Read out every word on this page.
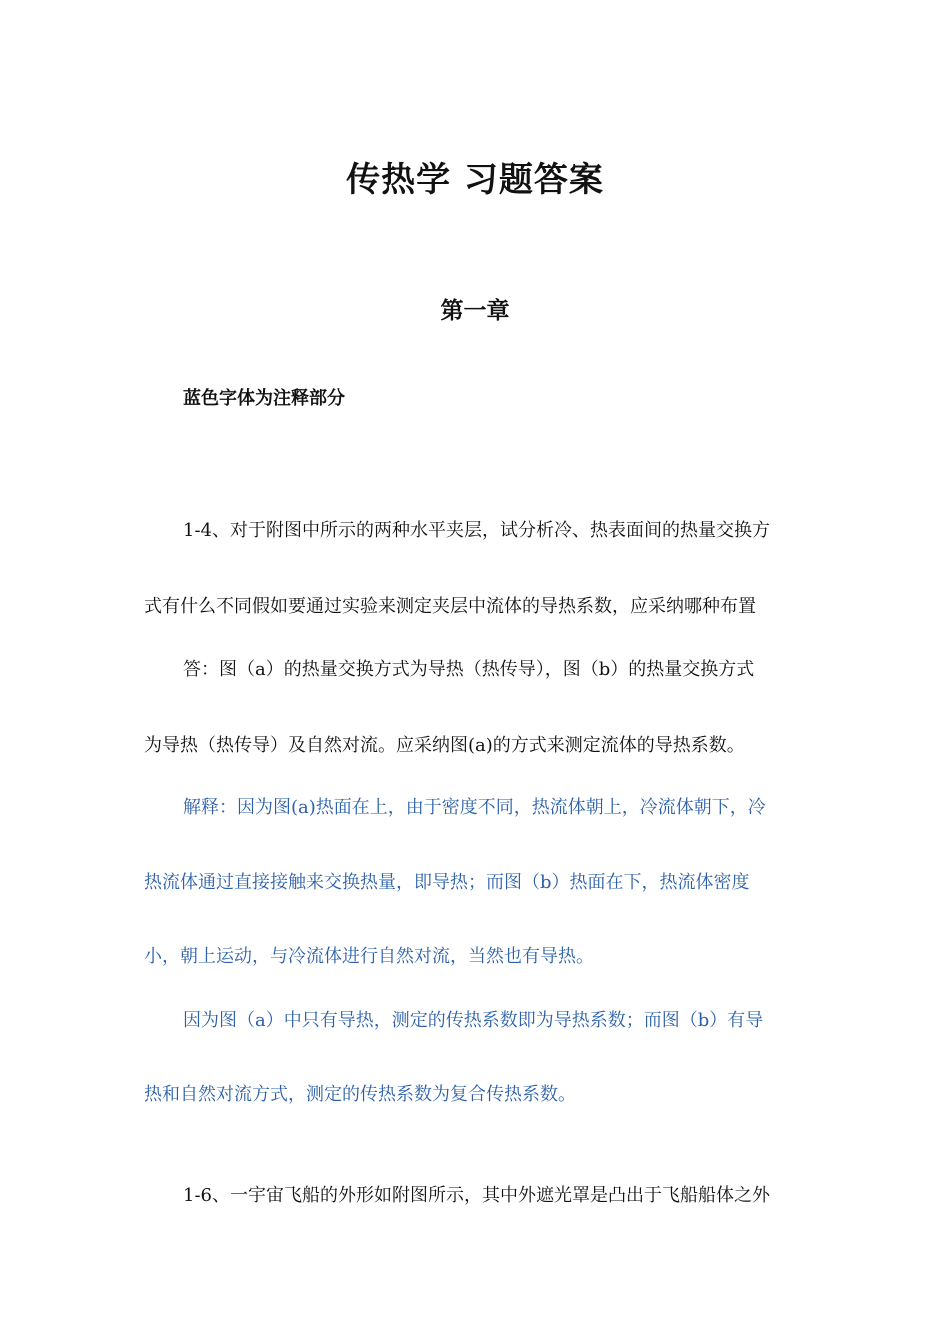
传热学 习题答案
第一章

蓝色字体为注释部分

1-4、对于附图中所示的两种水平夹层，试分析冷、热表面间的热量交换方

式有什么不同假如要通过实验来测定夹层中流体的导热系数，应采纳哪种布置

答：图（a）的热量交换方式为导热（热传导），图（b）的热量交换方式

为导热（热传导）及自然对流。应采纳图(a)的方式来测定流体的导热系数。

解释：因为图(a)热面在上，由于密度不同，热流体朝上，冷流体朝下，冷

热流体通过直接接触来交换热量，即导热；而图（b）热面在下，热流体密度

小，朝上运动，与冷流体进行自然对流，当然也有导热。

因为图（a）中只有导热，测定的传热系数即为导热系数；而图（b）有导

热和自然对流方式，测定的传热系数为复合传热系数。

1-6、一宇宙飞船的外形如附图所示，其中外遮光罩是凸出于飞船船体之外
